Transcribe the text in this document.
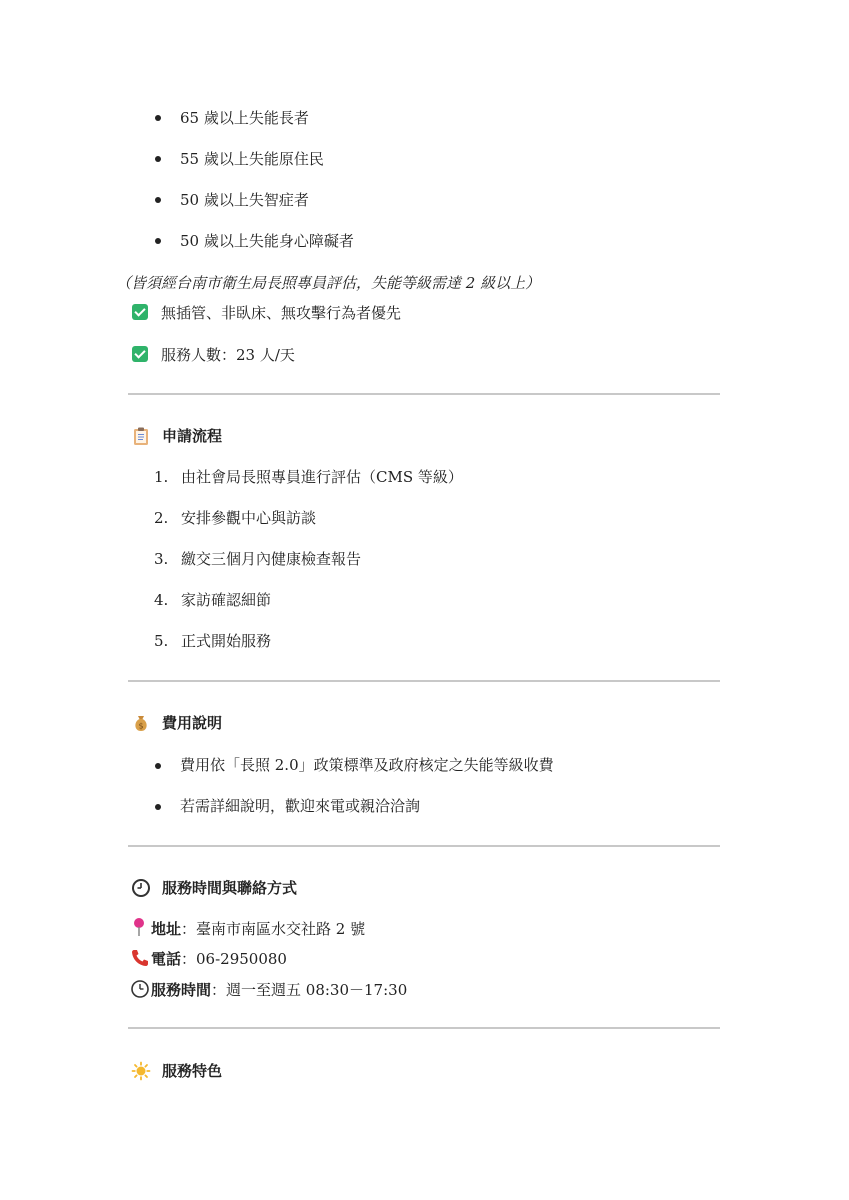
65 歲以上失能長者
55 歲以上失能原住民
50 歲以上失智症者
50 歲以上失能身心障礙者
（皆須經台南市衛生局長照專員評估，失能等級需達 2 級以上）
無插管、非臥床、無攻擊行為者優先
服務人數：23 人/天
申請流程
1. 由社會局長照專員進行評估（CMS 等級）
2. 安排參觀中心與訪談
3. 繳交三個月內健康檢查報告
4. 家訪確認細節
5. 正式開始服務
$ 費用說明
費用依「長照 2.0」政策標準及政府核定之失能等級收費
若需詳細說明，歡迎來電或親洽洽詢
服務時間與聯絡方式
地址：臺南市南區水交社路 2 號
電話：06-2950080
服務時間：週一至週五 08:30－17:30
服務特色
